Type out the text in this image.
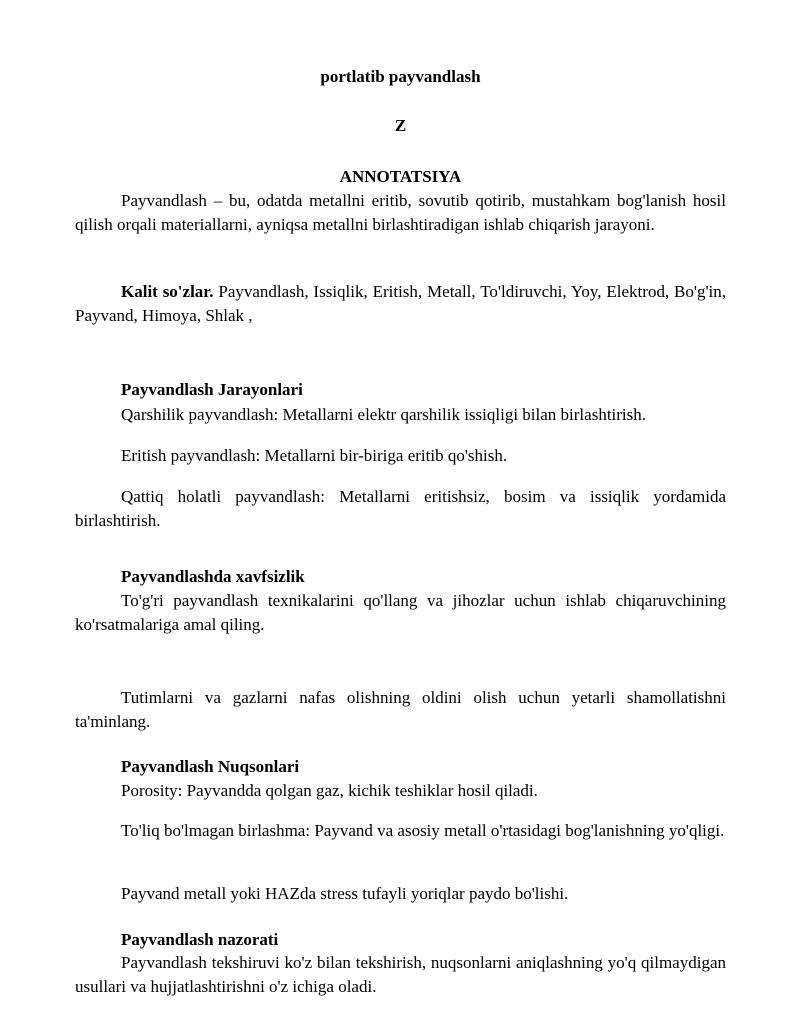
portlatib payvandlash
Z
ANNOTATSIYA
Payvandlash – bu, odatda metallni eritib, sovutib qotirib, mustahkam bog'lanish hosil qilish orqali materiallarni, ayniqsa metallni birlashtiradigan ishlab chiqarish jarayoni.
Kalit so'zlar. Payvandlash, Issiqlik, Eritish, Metall, To'ldiruvchi, Yoy, Elektrod, Bo'g'in, Payvand, Himoya, Shlak ,
Payvandlash Jarayonlari
Qarshilik payvandlash: Metallarni elektr qarshilik issiqligi bilan birlashtirish.
Eritish payvandlash: Metallarni bir-biriga eritib qo'shish.
Qattiq holatli payvandlash: Metallarni eritishsiz, bosim va issiqlik yordamida birlashtirish.
Payvandlashda xavfsizlik
To'g'ri payvandlash texnikalarini qo'llang va jihozlar uchun ishlab chiqaruvchining ko'rsatmalariga amal qiling.
Tutimlarni va gazlarni nafas olishning oldini olish uchun yetarli shamollatishni ta'minlang.
Payvandlash Nuqsonlari
Porosity: Payvandda qolgan gaz, kichik teshiklar hosil qiladi.
To'liq bo'lmagan birlashma: Payvand va asosiy metall o'rtasidagi bog'lanishning yo'qligi.
Payvand metall yoki HAZda stress tufayli yoriqlar paydo bo'lishi.
Payvandlash nazorati
Payvandlash tekshiruvi ko'z bilan tekshirish, nuqsonlarni aniqlashning yo'q qilmaydigan usullari va hujjatlashtirishni o'z ichiga oladi.
